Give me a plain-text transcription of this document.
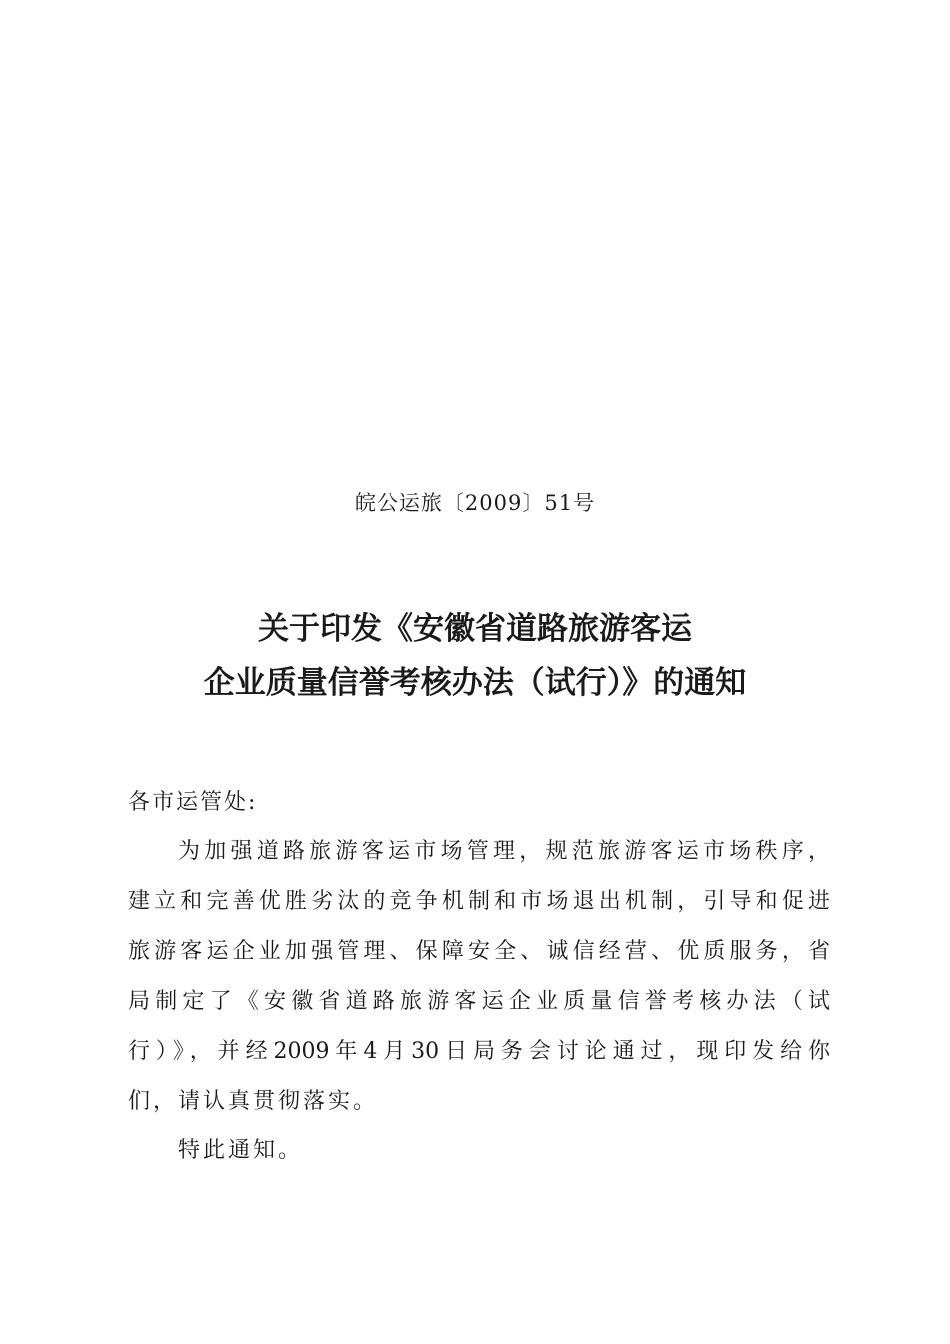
皖公运旅〔2009〕51号
关于印发《安徽省道路旅游客运
企业质量信誉考核办法（试行）》的通知
各市运管处:
为加强道路旅游客运市场管理，规范旅游客运市场秩序，
建立和完善优胜劣汰的竞争机制和市场退出机制，引导和促进
旅游客运企业加强管理、保障安全、诚信经营、优质服务，省
局制定了《安徽省道路旅游客运企业质量信誉考核办法（试
行）》，并经2009年4月30日局务会讨论通过，现印发给你
们，请认真贯彻落实。
特此通知。
